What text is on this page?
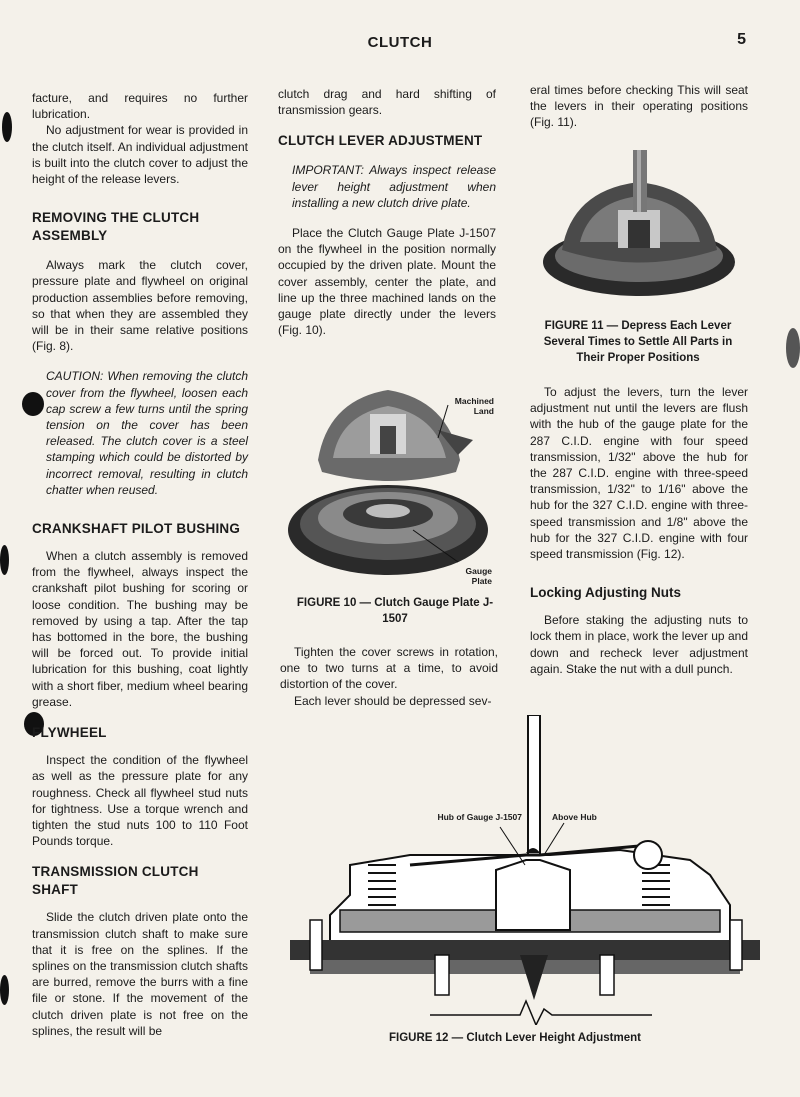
CLUTCH	5

facture, and requires no further lubrication.

No adjustment for wear is provided in the clutch itself. An individual adjustment is built into the clutch cover to adjust the height of the release levers.

REMOVING THE CLUTCH ASSEMBLY

Always mark the clutch cover, pressure plate and flywheel on original production assemblies before removing, so that when they are assembled they will be in their same relative positions (Fig. 8).

CAUTION: When removing the clutch cover from the flywheel, loosen each cap screw a few turns until the spring tension on the cover has been released. The clutch cover is a steel stamping which could be distorted by incorrect removal, resulting in clutch chatter when reused.
CRANKSHAFT PILOT BUSHING

When a clutch assembly is removed from the flywheel, always inspect the crankshaft pilot bushing for scoring or loose condition. The bushing may be removed by using a tap. After the tap has bottomed in the bore, the bushing will be forced out. To provide initial lubrication for this bushing, coat lightly with a short fiber, medium wheel bearing grease.

FLYWHEEL

Inspect the condition of the flywheel as well as the pressure plate for any roughness. Check all flywheel stud nuts for tightness. Use a torque wrench and tighten the stud nuts 100 to 110 Foot Pounds torque.

TRANSMISSION CLUTCH SHAFT

Slide the clutch driven plate onto the transmission clutch shaft to make sure that it is free on the splines. If the splines on the transmission clutch shafts are burred, remove the burrs with a fine file or stone. If the movement of the clutch driven plate is not free on the splines, the result will be

clutch drag and hard shifting of transmission gears.

CLUTCH LEVER ADJUSTMENT
IMPORTANT: Always inspect release lever height adjustment when installing a new clutch drive plate.

Place the Clutch Gauge Plate J-1507 on the flywheel in the position normally occupied by the driven plate. Mount the cover assembly, center the plate, and line up the three machined lands on the gauge plate directly under the levers (Fig. 10).

Machined Land
Gauge Plate
FIGURE 10 — Clutch Gauge Plate J-1507

Tighten the cover screws in rotation, one to two turns at a time, to avoid distortion of the cover.

Each lever should be depressed sev-

eral times before checking This will seat the levers in their operating positions (Fig. 11).

FIGURE 11 — Depress Each Lever Several Times to Settle All Parts in Their Proper Positions

To adjust the levers, turn the lever adjustment nut until the levers are flush with the hub of the gauge plate for the 287 C.I.D. engine with four speed transmission, 1/32" above the hub for the 287 C.I.D. engine with three-speed transmission, 1/32" to 1/16" above the hub for the 327 C.I.D. engine with three-speed transmission and 1/8" above the hub for the 327 C.I.D. engine with four speed transmission (Fig. 12).

Locking Adjusting Nuts

Before staking the adjusting nuts to lock them in place, work the lever up and down and recheck lever adjustment again. Stake the nut with a dull punch.

Hub of Gauge J-1507	Above Hub
FIGURE 12 — Clutch Lever Height Adjustment
